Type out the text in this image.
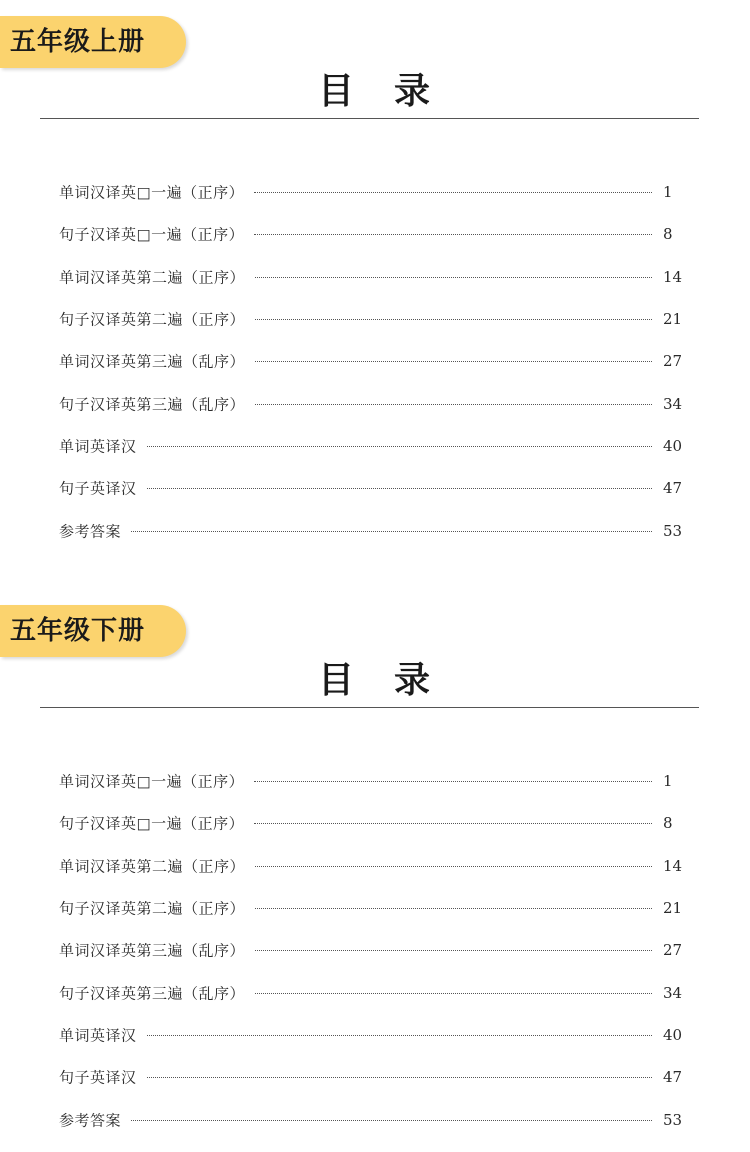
五年级上册
目 录
单词汉译英□一遍（正序）	1
句子汉译英□一遍（正序）	8
单词汉译英第二遍（正序）	14
句子汉译英第二遍（正序）	21
单词汉译英第三遍（乱序）	27
句子汉译英第三遍（乱序）	34
单词英译汉	40
句子英译汉	47
参考答案	53
五年级下册
目 录
单词汉译英□一遍（正序）	1
句子汉译英□一遍（正序）	8
单词汉译英第二遍（正序）	14
句子汉译英第二遍（正序）	21
单词汉译英第三遍（乱序）	27
句子汉译英第三遍（乱序）	34
单词英译汉	40
句子英译汉	47
参考答案	53
